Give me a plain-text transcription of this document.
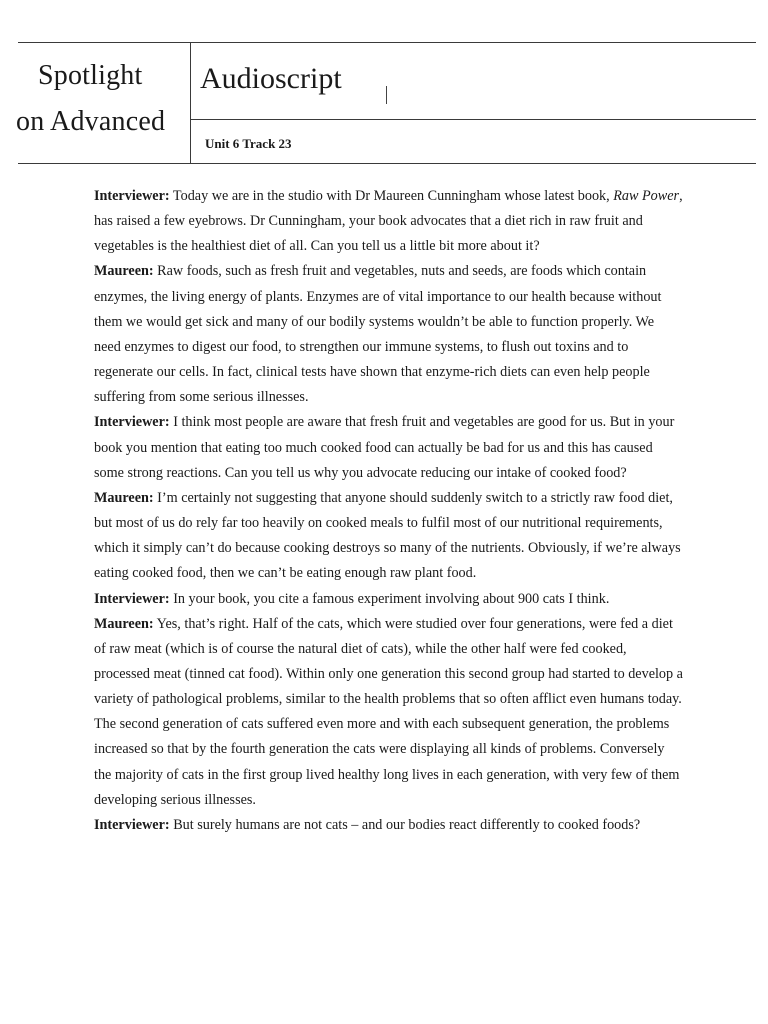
Spotlight
on Advanced
Audioscript
Unit 6 Track 23

Interviewer: Today we are in the studio with Dr Maureen Cunningham whose latest book, Raw Power, has raised a few eyebrows. Dr Cunningham, your book advocates that a diet rich in raw fruit and vegetables is the healthiest diet of all. Can you tell us a little bit more about it?

Maureen: Raw foods, such as fresh fruit and vegetables, nuts and seeds, are foods which contain enzymes, the living energy of plants. Enzymes are of vital importance to our health because without them we would get sick and many of our bodily systems wouldn’t be able to function properly. We need enzymes to digest our food, to strengthen our immune systems, to flush out toxins and to regenerate our cells. In fact, clinical tests have shown that enzyme-rich diets can even help people suffering from some serious illnesses.

Interviewer: I think most people are aware that fresh fruit and vegetables are good for us. But in your book you mention that eating too much cooked food can actually be bad for us and this has caused some strong reactions. Can you tell us why you advocate reducing our intake of cooked food?

Maureen: I’m certainly not suggesting that anyone should suddenly switch to a strictly raw food diet, but most of us do rely far too heavily on cooked meals to fulfil most of our nutritional requirements, which it simply can’t do because cooking destroys so many of the nutrients. Obviously, if we’re always eating cooked food, then we can’t be eating enough raw plant food.

Interviewer: In your book, you cite a famous experiment involving about 900 cats I think.

Maureen: Yes, that’s right. Half of the cats, which were studied over four generations, were fed a diet of raw meat (which is of course the natural diet of cats), while the other half were fed cooked, processed meat (tinned cat food). Within only one generation this second group had started to develop a variety of pathological problems, similar to the health problems that so often afflict even humans today. The second generation of cats suffered even more and with each subsequent generation, the problems increased so that by the fourth generation the cats were displaying all kinds of problems. Conversely the majority of cats in the first group lived healthy long lives in each generation, with very few of them developing serious illnesses.

Interviewer: But surely humans are not cats – and our bodies react differently to cooked foods?
